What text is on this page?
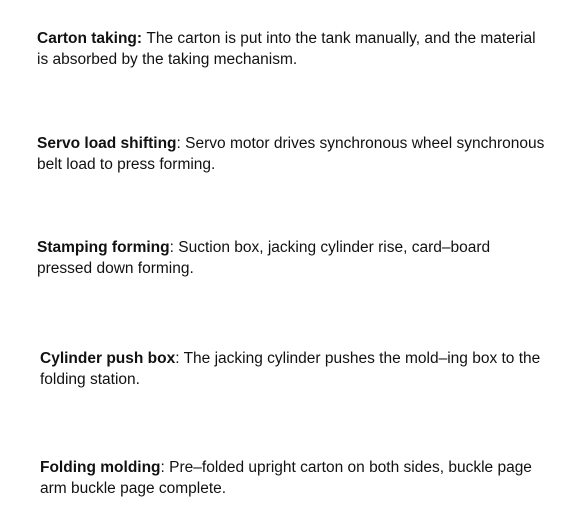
Carton taking: The carton is put into the tank manually, and the material is absorbed by the taking mechanism.

Servo load shifting: Servo motor drives synchronous wheel synchronous belt load to press forming.

Stamping forming: Suction box, jacking cylinder rise, card–board pressed down forming.

Cylinder push box: The jacking cylinder pushes the mold–ing box to the folding station.

Folding molding: Pre–folded upright carton on both sides, buckle page arm buckle page complete.
